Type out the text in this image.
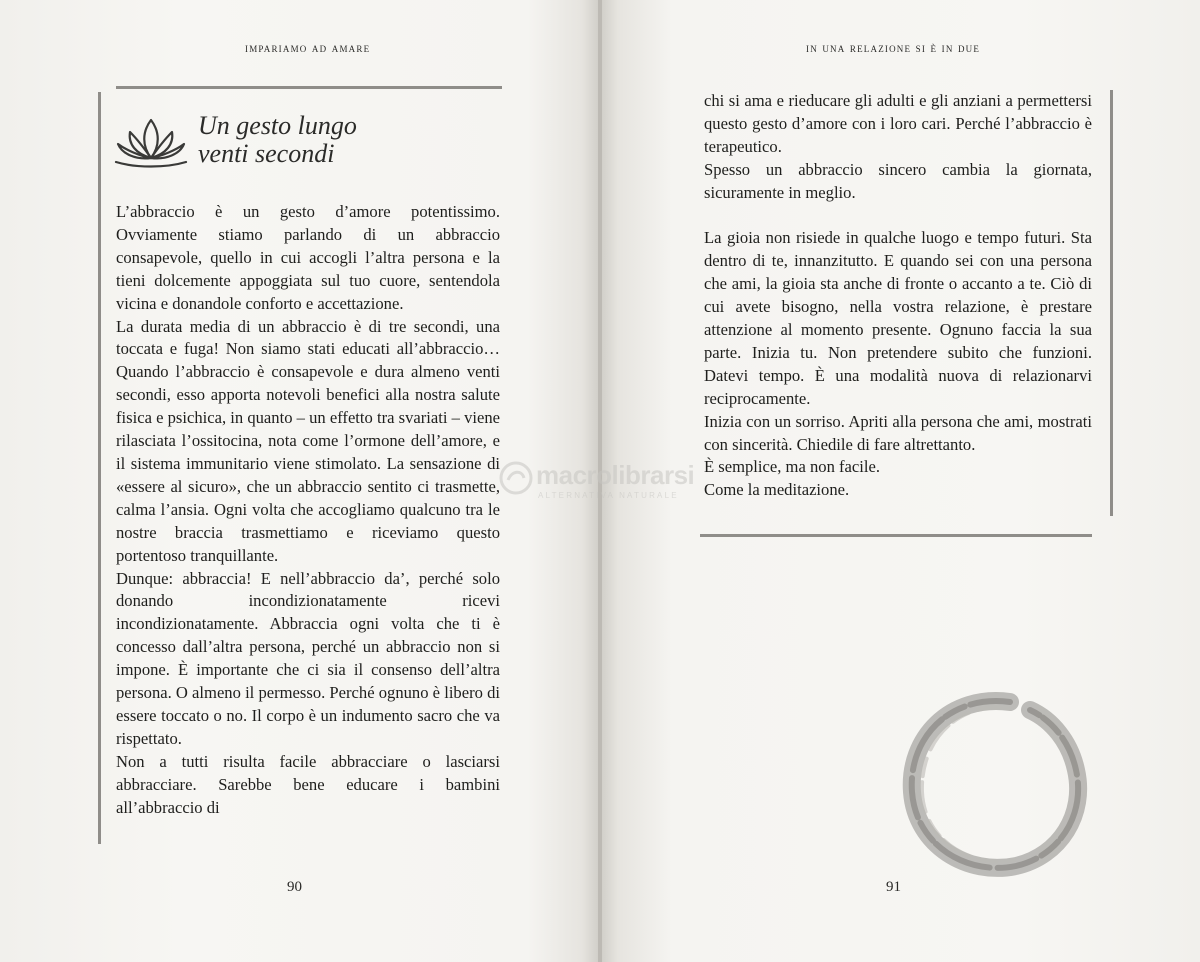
impariamo ad amare
Un gesto lungo
venti secondi

L’abbraccio è un gesto d’amore potentissimo. Ovviamente stiamo parlando di un abbraccio consapevole, quello in cui accogli l’altra persona e la tieni dolcemente appoggiata sul tuo cuore, sentendola vicina e donandole conforto e accettazione.

La durata media di un abbraccio è di tre secondi, una toccata e fuga! Non siamo stati educati all’abbraccio… Quando l’abbraccio è consapevole e dura almeno venti secondi, esso apporta notevoli benefici alla nostra salute fisica e psichica, in quanto – un effetto tra svariati – viene rilasciata l’ossitocina, nota come l’ormone dell’amore, e il sistema immunitario viene stimolato. La sensazione di «essere al sicuro», che un abbraccio sentito ci trasmette, calma l’ansia. Ogni volta che accogliamo qualcuno tra le nostre braccia trasmettiamo e riceviamo questo portentoso tranquillante.

Dunque: abbraccia! E nell’abbraccio da’, perché solo donando incondizionatamente ricevi incondizionatamente. Abbraccia ogni volta che ti è concesso dall’altra persona, perché un abbraccio non si impone. È importante che ci sia il consenso dell’altra persona. O almeno il permesso. Perché ognuno è libero di essere toccato o no. Il corpo è un indumento sacro che va rispettato.

Non a tutti risulta facile abbracciare o lasciarsi abbracciare. Sarebbe bene educare i bambini all’abbraccio di

90
in una relazione si è in due

chi si ama e rieducare gli adulti e gli anziani a permettersi questo gesto d’amore con i loro cari. Perché l’abbraccio è terapeutico.

Spesso un abbraccio sincero cambia la giornata, sicuramente in meglio.

La gioia non risiede in qualche luogo e tempo futuri. Sta dentro di te, innanzitutto. E quando sei con una persona che ami, la gioia sta anche di fronte o accanto a te. Ciò di cui avete bisogno, nella vostra relazione, è prestare attenzione al momento presente. Ognuno faccia la sua parte. Inizia tu. Non pretendere subito che funzioni. Datevi tempo. È una modalità nuova di relazionarvi reciprocamente.

Inizia con un sorriso. Apriti alla persona che ami, mostrati con sincerità. Chiedile di fare altrettanto.

È semplice, ma non facile.

Come la meditazione.

91
macrolibrarsi
ALTERNATIVA NATURALE
